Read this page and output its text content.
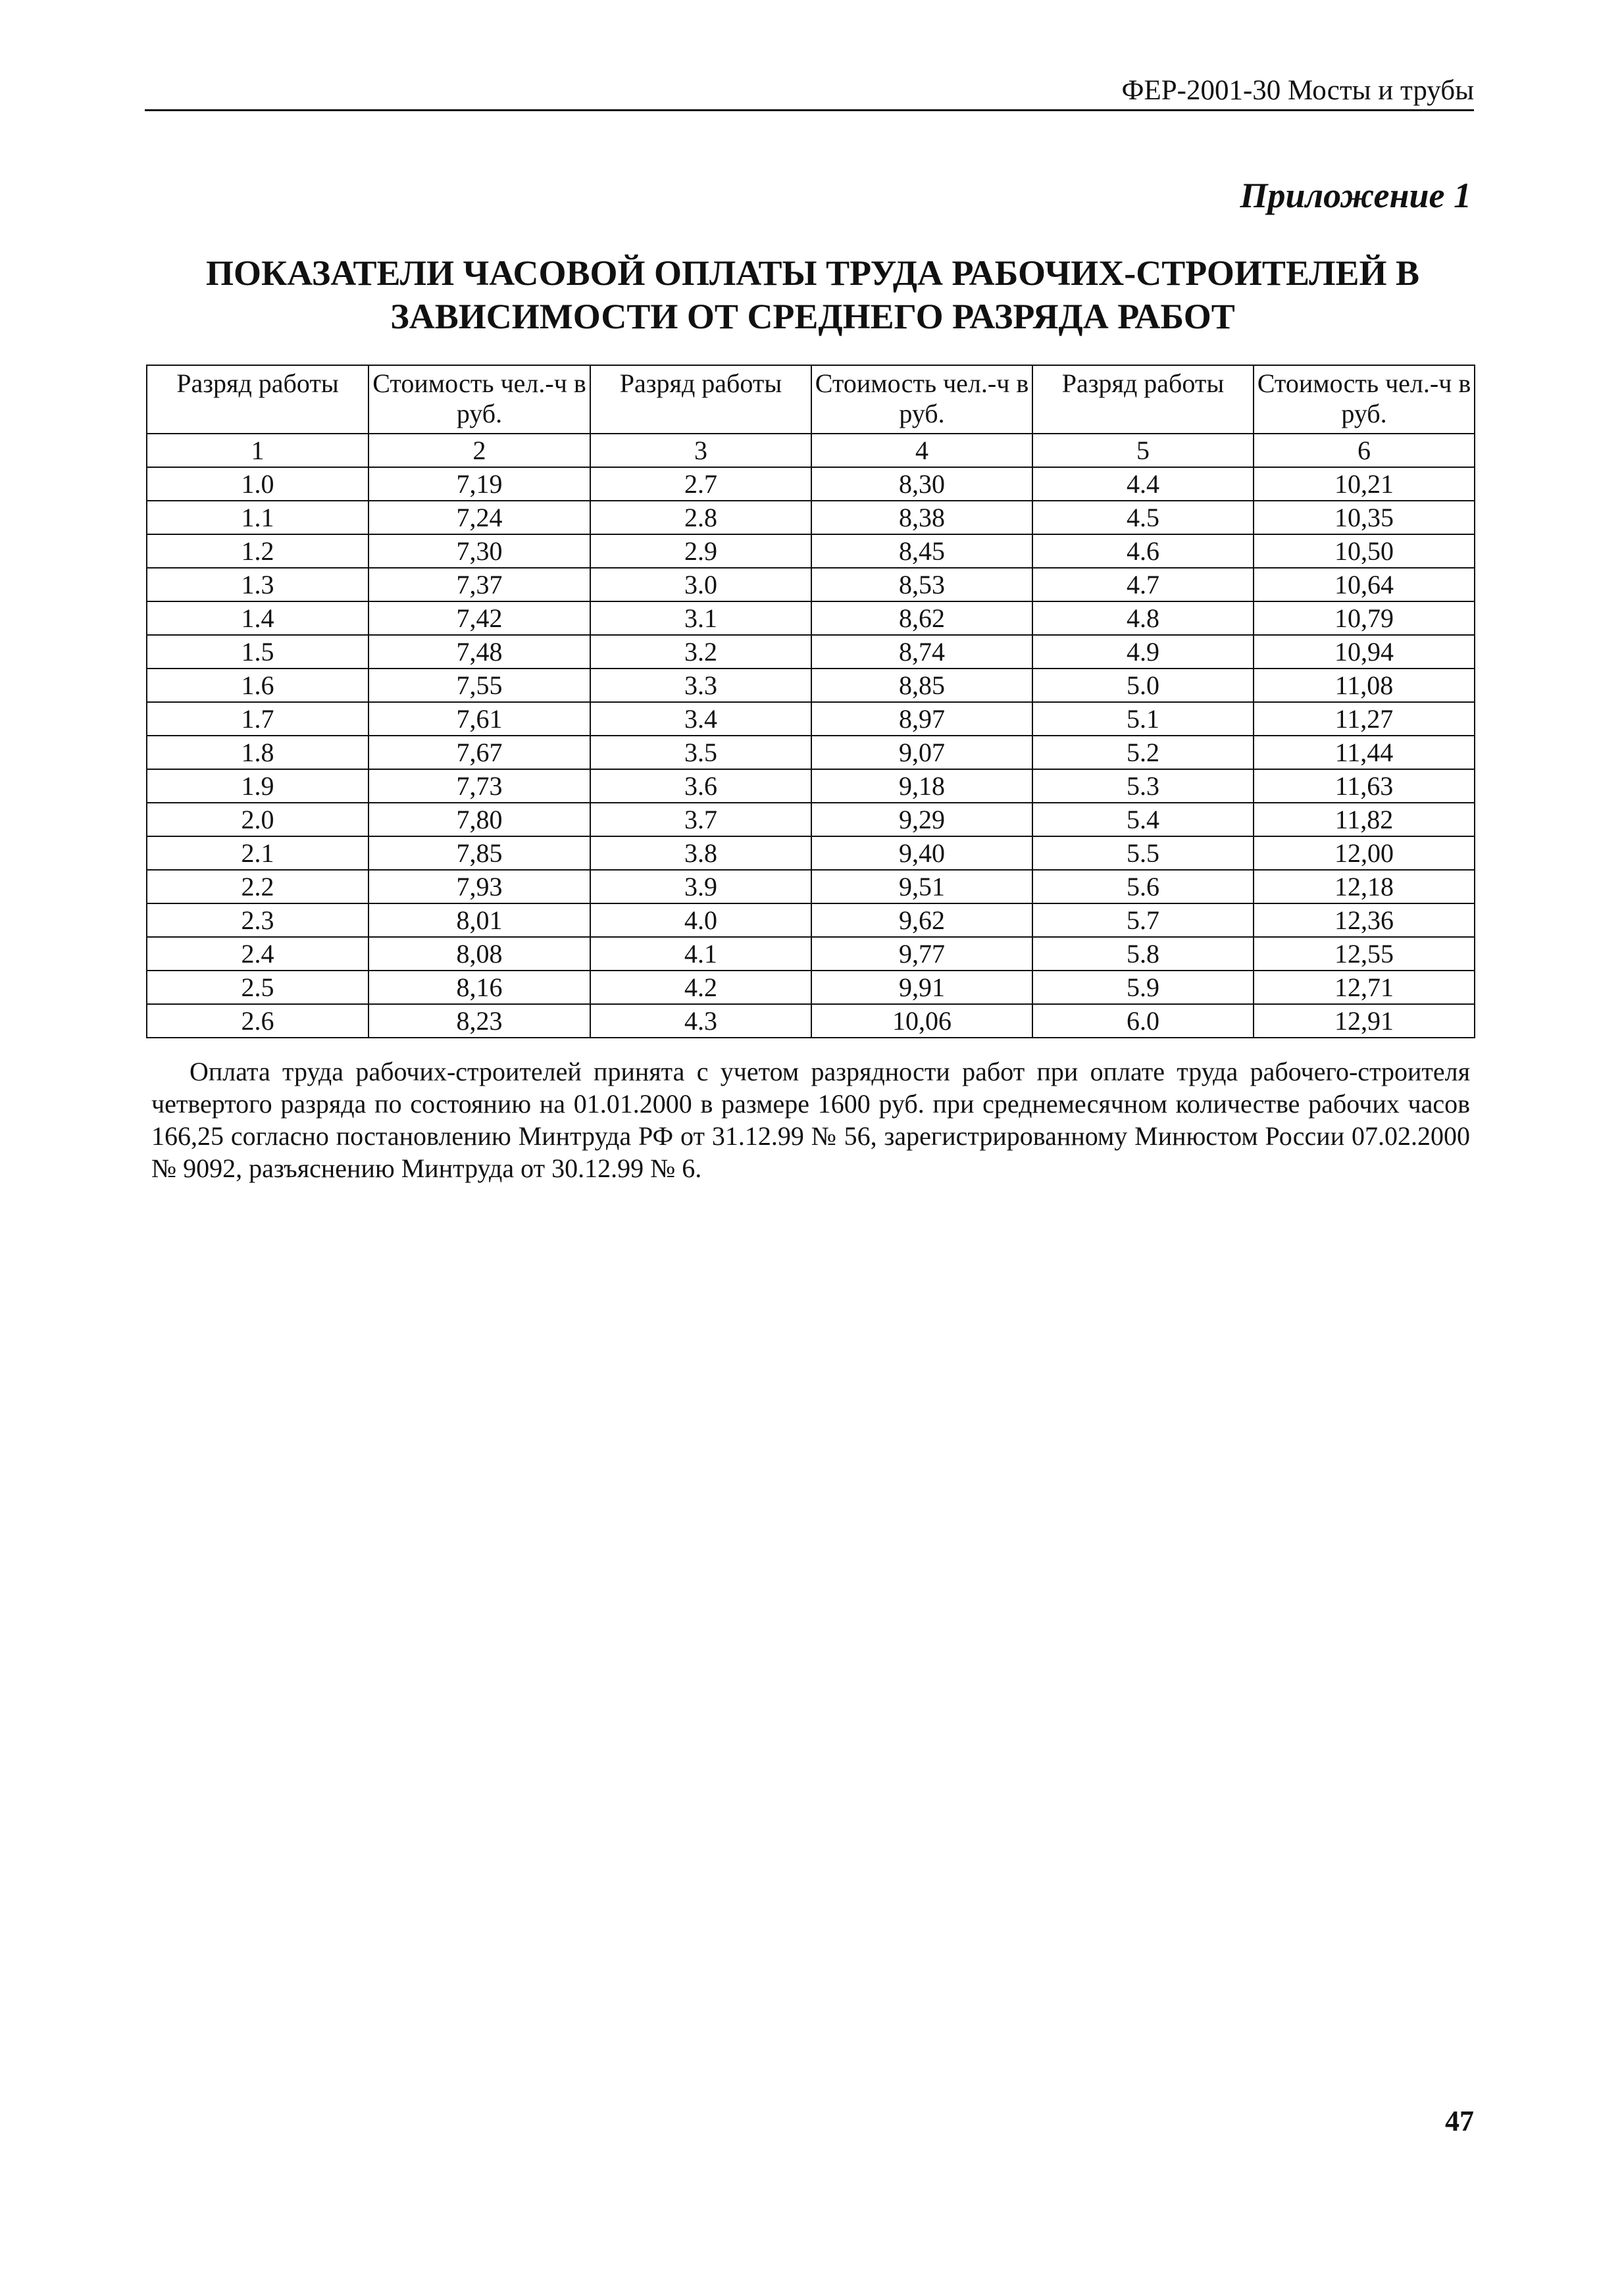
ФЕР-2001-30 Мосты и трубы
Приложение 1
ПОКАЗАТЕЛИ ЧАСОВОЙ ОПЛАТЫ ТРУДА РАБОЧИХ-СТРОИТЕЛЕЙ В
ЗАВИСИМОСТИ ОТ СРЕДНЕГО РАЗРЯДА РАБОТ
Разряд работы	Стоимость чел.-ч в руб.	Разряд работы	Стоимость чел.-ч в руб.	Разряд работы	Стоимость чел.-ч в руб.
1	2	3	4	5	6
1.0	7,19	2.7	8,30	4.4	10,21
1.1	7,24	2.8	8,38	4.5	10,35
1.2	7,30	2.9	8,45	4.6	10,50
1.3	7,37	3.0	8,53	4.7	10,64
1.4	7,42	3.1	8,62	4.8	10,79
1.5	7,48	3.2	8,74	4.9	10,94
1.6	7,55	3.3	8,85	5.0	11,08
1.7	7,61	3.4	8,97	5.1	11,27
1.8	7,67	3.5	9,07	5.2	11,44
1.9	7,73	3.6	9,18	5.3	11,63
2.0	7,80	3.7	9,29	5.4	11,82
2.1	7,85	3.8	9,40	5.5	12,00
2.2	7,93	3.9	9,51	5.6	12,18
2.3	8,01	4.0	9,62	5.7	12,36
2.4	8,08	4.1	9,77	5.8	12,55
2.5	8,16	4.2	9,91	5.9	12,71
2.6	8,23	4.3	10,06	6.0	12,91
Оплата труда рабочих-строителей принята с учетом разрядности работ при оплате труда рабочего-строителя четвертого разряда по состоянию на 01.01.2000 в размере 1600 руб. при среднемесячном количестве рабочих часов 166,25 согласно постановлению Минтруда РФ от 31.12.99 № 56, зарегистрированному Минюстом России 07.02.2000 № 9092, разъяснению Минтруда от 30.12.99 № 6.
47
